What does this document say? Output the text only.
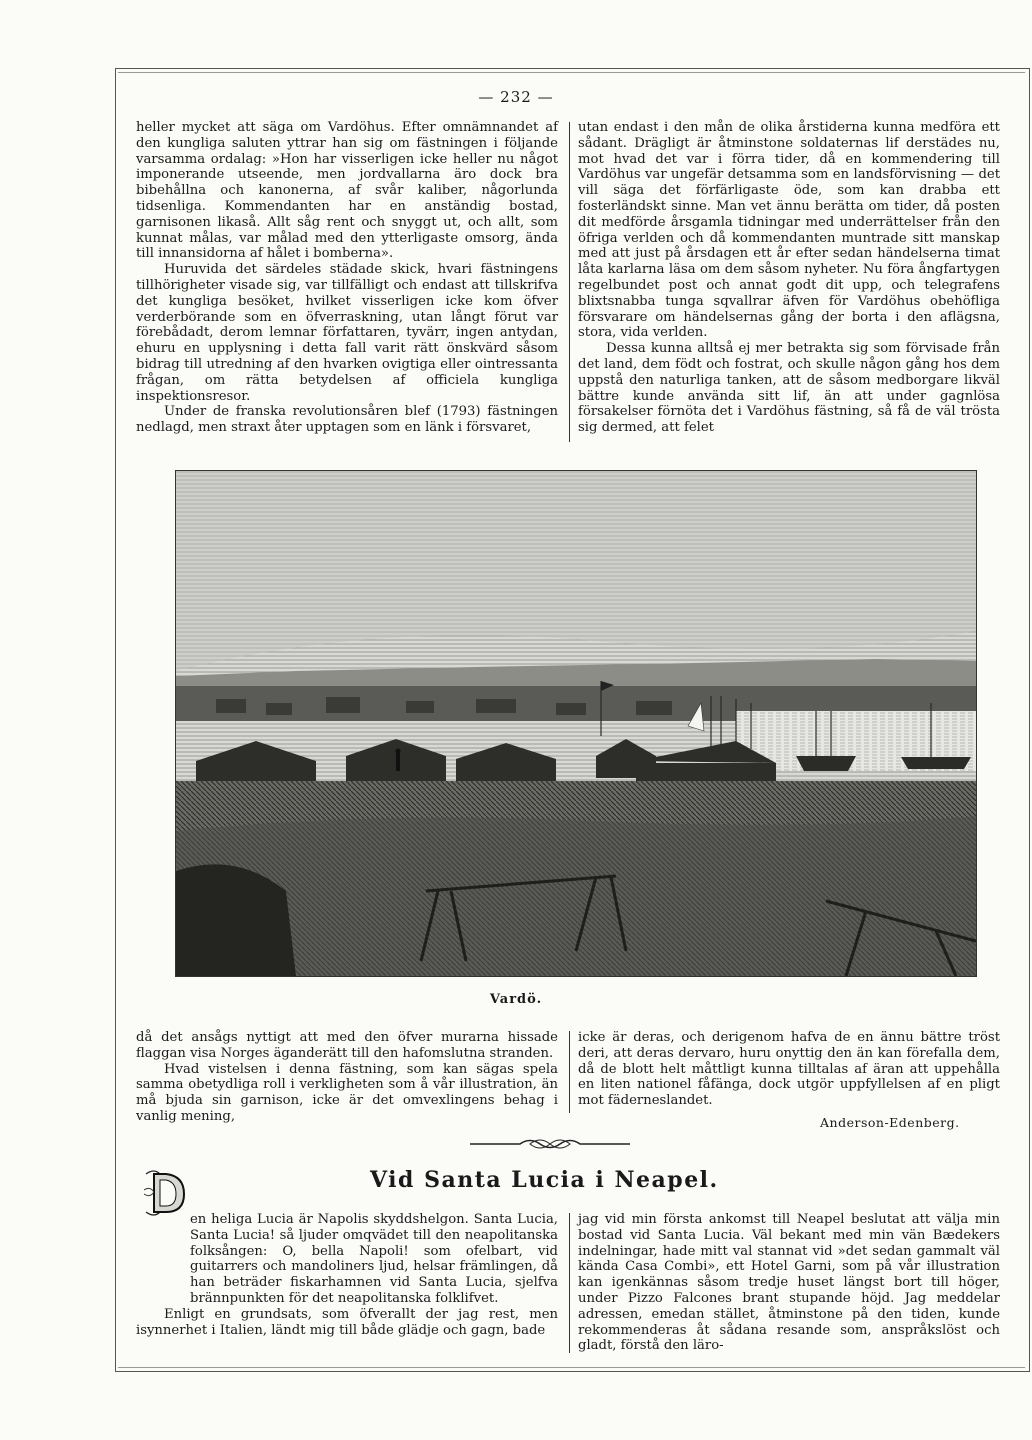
— 232 —

heller mycket att säga om Vardöhus. Efter omnämnandet af den kungliga saluten yttrar han sig om fästningen i följande varsamma ordalag: »Hon har visserligen icke heller nu något imponerande utseende, men jordvallarna äro dock bra bibehållna och kanonerna, af svår kaliber, någorlunda tidsenliga. Kommendanten har en anständig bostad, garnisonen likaså. Allt såg rent och snyggt ut, och allt, som kunnat målas, var målad med den ytterligaste omsorg, ända till innansidorna af hålet i bomberna».

Huruvida det särdeles städade skick, hvari fästningens tillhörigheter visade sig, var tillfälligt och endast att tillskrifva det kungliga besöket, hvilket visserligen icke kom öfver verderbörande som en öfverraskning, utan långt förut var förebådadt, derom lemnar författaren, tyvärr, ingen antydan, ehuru en upplysning i detta fall varit rätt önskvärd såsom bidrag till utredning af den hvarken ovigtiga eller ointressanta frågan, om rätta betydelsen af officiela kungliga inspektionsresor.

Under de franska revolutionsåren blef (1793) fästningen nedlagd, men straxt åter upptagen som en länk i försvaret,

utan endast i den mån de olika årstiderna kunna medföra ett sådant. Drägligt är åtminstone soldaternas lif derstädes nu, mot hvad det var i förra tider, då en kommendering till Vardöhus var ungefär detsamma som en landsförvisning — det vill säga det förfärligaste öde, som kan drabba ett fosterländskt sinne. Man vet ännu berätta om tider, då posten dit medförde årsgamla tidningar med underrättelser från den öfriga verlden och då kommendanten muntrade sitt manskap med att just på årsdagen ett år efter sedan händelserna timat låta karlarna läsa om dem såsom nyheter. Nu föra ångfartygen regelbundet post och annat godt dit upp, och telegrafens blixtsnabba tunga sqvallrar äfven för Vardöhus obehöfliga försvarare om händelsernas gång der borta i den aflägsna, stora, vida verlden.

Dessa kunna alltså ej mer betrakta sig som förvisade från det land, dem födt och fostrat, och skulle någon gång hos dem uppstå den naturliga tanken, att de såsom medborgare likväl bättre kunde använda sitt lif, än att under gagnlösa försakelser förnöta det i Vardöhus fästning, så få de väl trösta sig dermed, att felet

Vardö.

då det ansågs nyttigt att med den öfver murarna hissade flaggan visa Norges äganderätt till den hafomslutna stranden.

Hvad vistelsen i denna fästning, som kan sägas spela samma obetydliga roll i verkligheten som å vår illustration, än må bjuda sin garnison, icke är det omvexlingens behag i vanlig mening,

icke är deras, och derigenom hafva de en ännu bättre tröst deri, att deras dervaro, huru onyttig den än kan förefalla dem, då de blott helt måttligt kunna tilltalas af äran att uppehålla en liten nationel fåfänga, dock utgör uppfyllelsen af en pligt mot fäderneslandet.

Anderson-Edenberg.
Vid Santa Lucia i Neapel.

en heliga Lucia är Napolis skyddshelgon. Santa Lucia, Santa Lucia! så ljuder omqvädet till den neapolitanska folksången: O, bella Napoli! som ofelbart, vid guitarrers och mandoliners ljud, helsar främlingen, då han beträder fiskarhamnen vid Santa Lucia, sjelfva brännpunkten för det neapolitanska folklifvet.

Enligt en grundsats, som öfverallt der jag rest, men isynnerhet i Italien, ländt mig till både glädje och gagn, bade

jag vid min första ankomst till Neapel beslutat att välja min bostad vid Santa Lucia. Väl bekant med min vän Bædekers indelningar, hade mitt val stannat vid »det sedan gammalt väl kända Casa Combi», ett Hotel Garni, som på vår illustration kan igenkännas såsom tredje huset längst bort till höger, under Pizzo Falcones brant stupande höjd. Jag meddelar adressen, emedan stället, åtminstone på den tiden, kunde rekommenderas åt sådana resande som, anspråkslöst och gladt, förstå den läro-
